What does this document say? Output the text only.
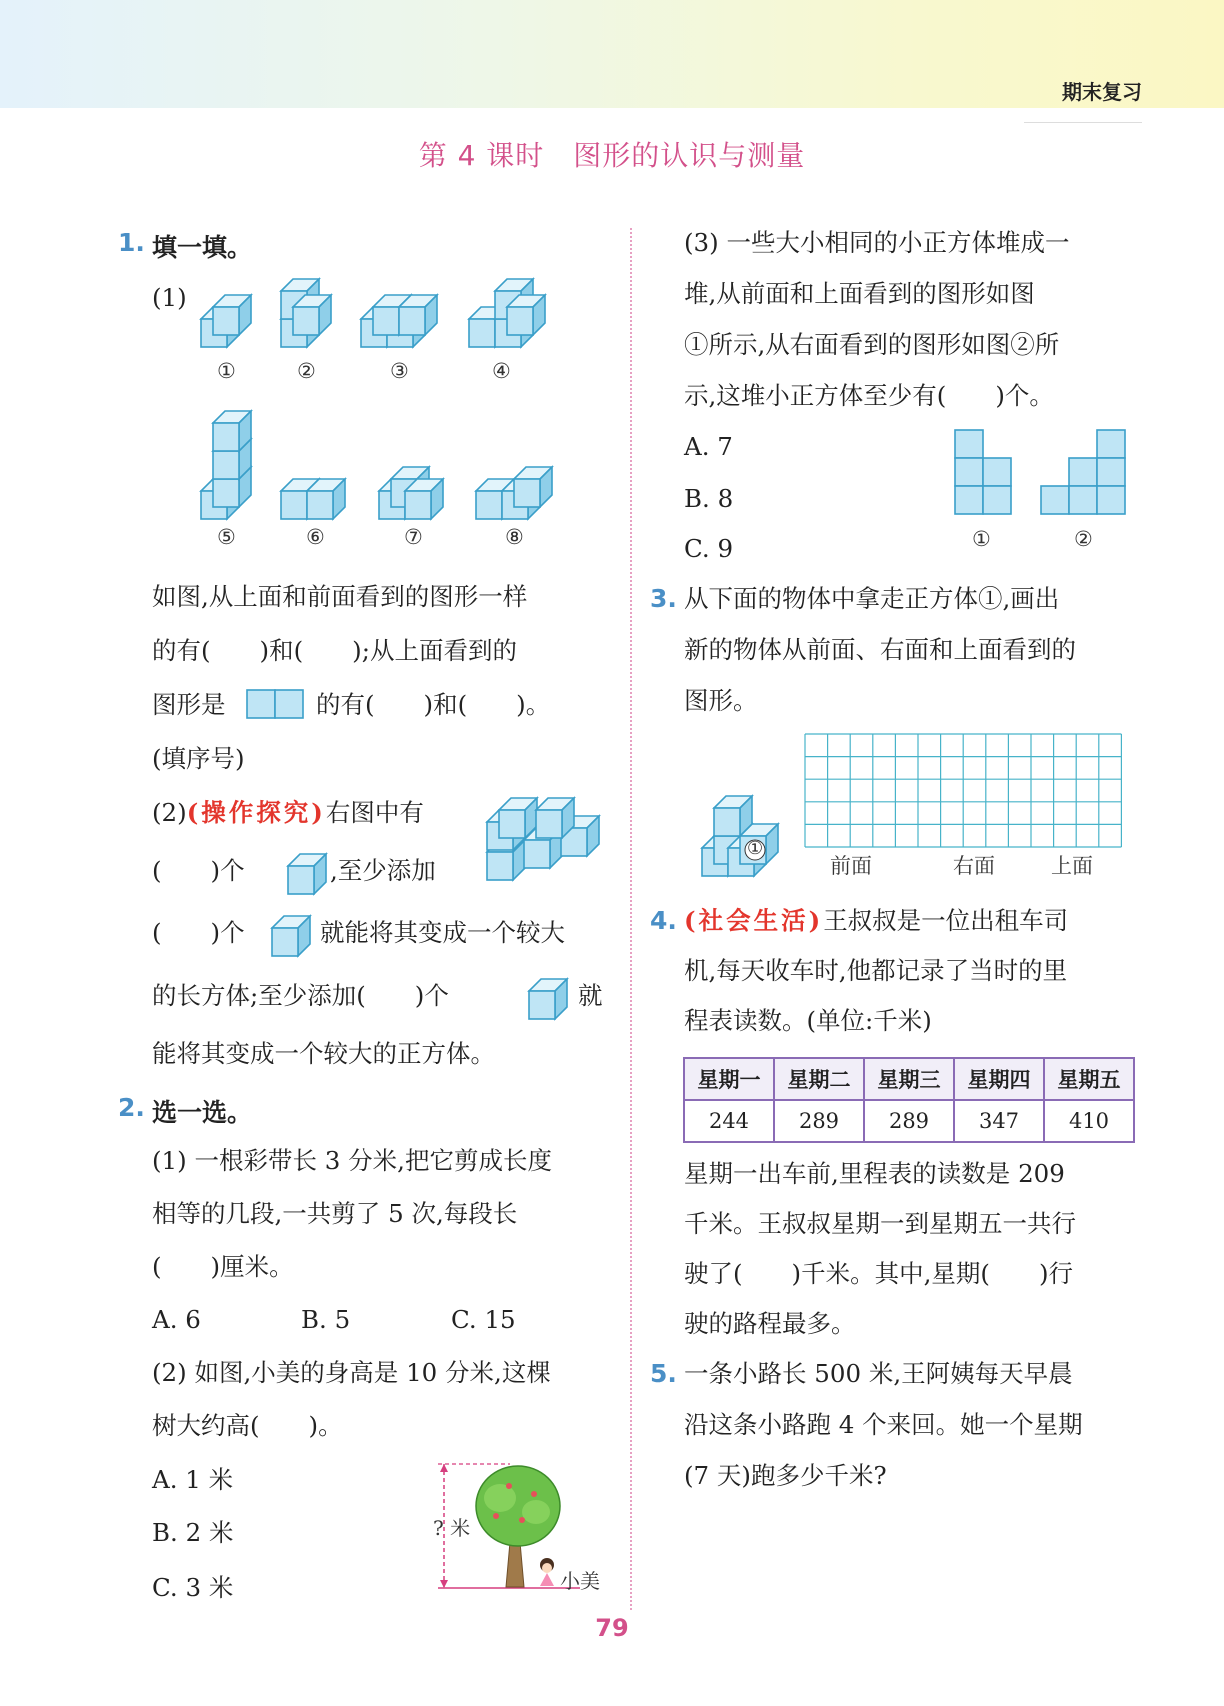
期末复习
第 4 课时　图形的认识与测量
1. 填一填。
(1)
①	②	③	④
⑤	⑥	⑦	⑧
如图,从上面和前面看到的图形一样
的有(　　)和(　　);从上面看到的
图形是	的有(　　)和(　　)。
(填序号)
(2)(操作探究)右图中有
(　　)个	,至少添加
(　　)个	就能将其变成一个较大
的长方体;至少添加(　　)个	就
能将其变成一个较大的正方体。
2. 选一选。
(1) 一根彩带长 3 分米,把它剪成长度
相等的几段,一共剪了 5 次,每段长
(　　)厘米。
A. 6	B. 5	C. 15
(2) 如图,小美的身高是 10 分米,这棵
树大约高(　　)。
A. 1 米
B. 2 米
C. 3 米
? 米
小美
(3) 一些大小相同的小正方体堆成一
堆,从前面和上面看到的图形如图
①所示,从右面看到的图形如图②所
示,这堆小正方体至少有(　　)个。
A. 7
B. 8
C. 9	①	②
3. 从下面的物体中拿走正方体①,画出
新的物体从前面、右面和上面看到的
图形。
①
前面	右面	上面
4. (社会生活)王叔叔是一位出租车司
机,每天收车时,他都记录了当时的里
程表读数。(单位:千米)
星期一	星期二	星期三	星期四	星期五
244	289	289	347	410
星期一出车前,里程表的读数是 209
千米。王叔叔星期一到星期五一共行
驶了(　　)千米。其中,星期(　　)行
驶的路程最多。
5. 一条小路长 500 米,王阿姨每天早晨
沿这条小路跑 4 个来回。她一个星期
(7 天)跑多少千米?
79
